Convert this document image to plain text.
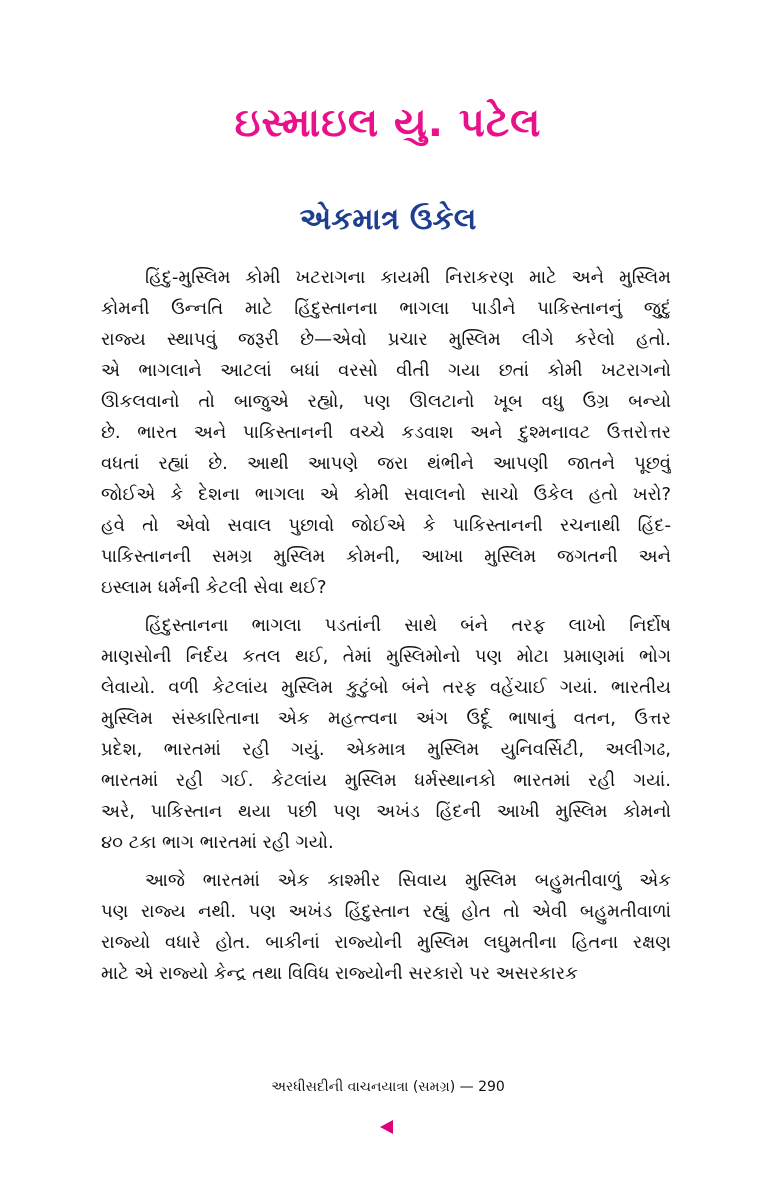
ઇસ્માઇલ યુ. પટેલ
એકમાત્ર ઉકેલ
હિંદુ-મુસ્લિમ કોમી ખટરાગના કાયમી નિરાકરણ માટે અને મુસ્લિમ
કોમની ઉન્નતિ માટે હિંદુસ્તાનના ભાગલા પાડીને પાકિસ્તાનનું જુદું
રાજ્ય સ્થાપવું જરૂરી છે—એવો પ્રચાર મુસ્લિમ લીગે કરેલો હતો.
એ ભાગલાને આટલાં બધાં વરસો વીતી ગયા છતાં કોમી ખટરાગનો
ઊકલવાનો તો બાજુએ રહ્યો, પણ ઊલટાનો ખૂબ વધુ ઉગ્ર બન્યો
છે. ભારત અને પાકિસ્તાનની વચ્ચે કડવાશ અને દુશ્મનાવટ ઉત્તરોત્તર
વધતાં રહ્યાં છે. આથી આપણે જરા થંભીને આપણી જાતને પૂછવું
જોઈએ કે દેશના ભાગલા એ કોમી સવાલનો સાચો ઉકેલ હતો ખરો?
હવે તો એવો સવાલ પુછાવો જોઈએ કે પાકિસ્તાનની રચનાથી હિંદ-
પાકિસ્તાનની સમગ્ર મુસ્લિમ કોમની, આખા મુસ્લિમ જગતની અને
ઇસ્લામ ધર્મની કેટલી સેવા થઈ?
હિંદુસ્તાનના ભાગલા પડતાંની સાથે બંને તરફ લાખો નિર્દોષ
માણસોની નિર્દય કતલ થઈ, તેમાં મુસ્લિમોનો પણ મોટા પ્રમાણમાં ભોગ
લેવાયો. વળી કેટલાંય મુસ્લિમ કુટુંબો બંને તરફ વહેંચાઈ ગયાં. ભારતીય
મુસ્લિમ સંસ્કારિતાના એક મહત્ત્વના અંગ ઉર્દૂ ભાષાનું વતન, ઉત્તર
પ્રદેશ, ભારતમાં રહી ગયું. એકમાત્ર મુસ્લિમ યુનિવર્સિટી, અલીગઢ,
ભારતમાં રહી ગઈ. કેટલાંય મુસ્લિમ ધર્મસ્થાનકો ભારતમાં રહી ગયાં.
અરે, પાકિસ્તાન થયા પછી પણ અખંડ હિંદની આખી મુસ્લિમ કોમનો
૪૦ ટકા ભાગ ભારતમાં રહી ગયો.
આજે ભારતમાં એક કાશ્મીર સિવાય મુસ્લિમ બહુમતીવાળું એક
પણ રાજ્ય નથી. પણ અખંડ હિંદુસ્તાન રહ્યું હોત તો એવી બહુમતીવાળાં
રાજ્યો વધારે હોત. બાકીનાં રાજ્યોની મુસ્લિમ લઘુમતીના હિતના રક્ષણ
માટે એ રાજ્યો કેન્દ્ર તથા વિવિધ રાજ્યોની સરકારો પર અસરકારક
અરધીસદીની વાચનયાત્રા (સમગ્ર) — 290
